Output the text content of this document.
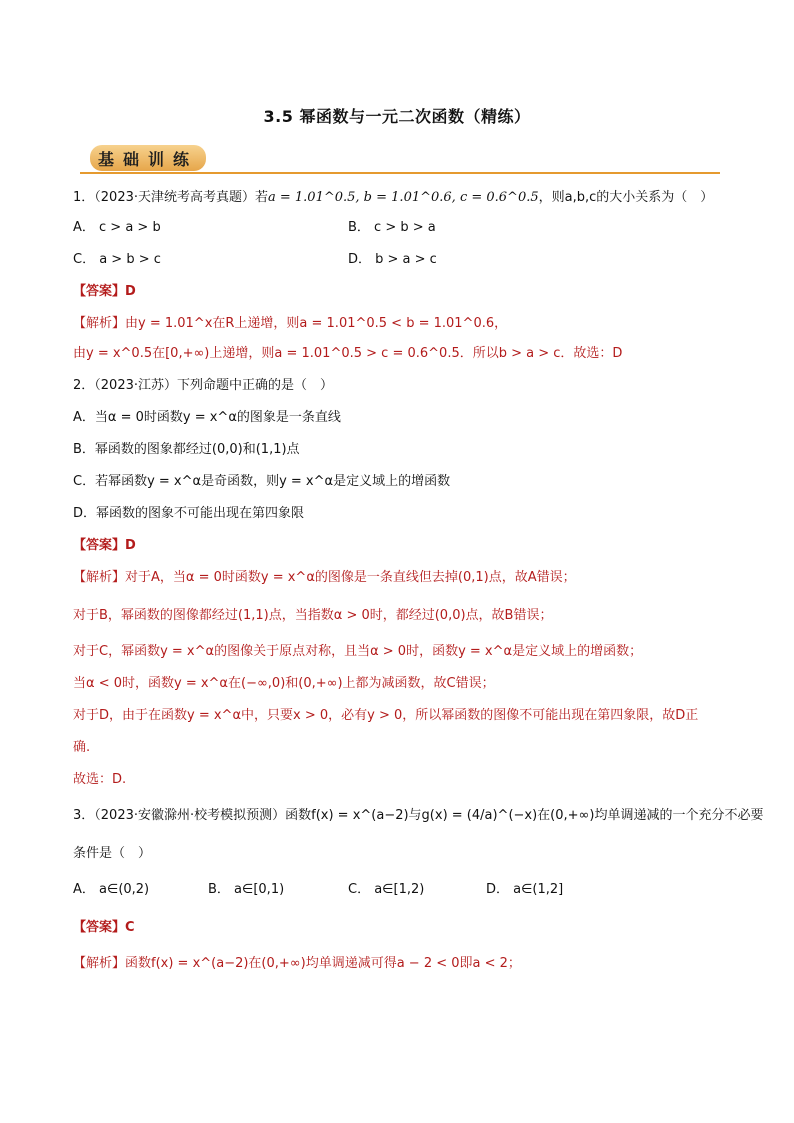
3.5 幂函数与一元二次函数（精练）
基础训练
1．（2023·天津统考高考真题）若a = 1.01^0.5, b = 1.01^0.6, c = 0.6^0.5，则a,b,c的大小关系为（　）
A． c > a > b	B． c > b > a
C． a > b > c	D． b > a > c
【答案】D
【解析】由y = 1.01^x在R上递增，则a = 1.01^0.5 < b = 1.01^0.6，
由y = x^0.5在[0,+∞)上递增，则a = 1.01^0.5 > c = 0.6^0.5．所以b > a > c．故选：D
2．（2023·江苏）下列命题中正确的是（　）
A．当α = 0时函数y = x^α的图象是一条直线
B．幂函数的图象都经过(0,0)和(1,1)点
C．若幂函数y = x^α是奇函数，则y = x^α是定义域上的增函数
D．幂函数的图象不可能出现在第四象限
【答案】D
【解析】对于A，当α = 0时函数y = x^α的图像是一条直线但去掉(0,1)点，故A错误；
对于B，幂函数的图像都经过(1,1)点，当指数α > 0时，都经过(0,0)点，故B错误；
对于C，幂函数y = x^α的图像关于原点对称，且当α > 0时，函数y = x^α是定义域上的增函数；
当α < 0时，函数y = x^α在(−∞,0)和(0,+∞)上都为减函数，故C错误；
对于D，由于在函数y = x^α中，只要x > 0，必有y > 0，所以幂函数的图像不可能出现在第四象限，故D正
确.
故选：D.
3．（2023·安徽滁州·校考模拟预测）函数f(x) = x^(a−2)与g(x) = (4/a)^(−x)在(0,+∞)均单调递减的一个充分不必要
条件是（　）
A． a∈(0,2)	B． a∈[0,1)	C． a∈[1,2)	D． a∈(1,2]
【答案】C
【解析】函数f(x) = x^(a−2)在(0,+∞)均单调递减可得a − 2 < 0即a < 2；
